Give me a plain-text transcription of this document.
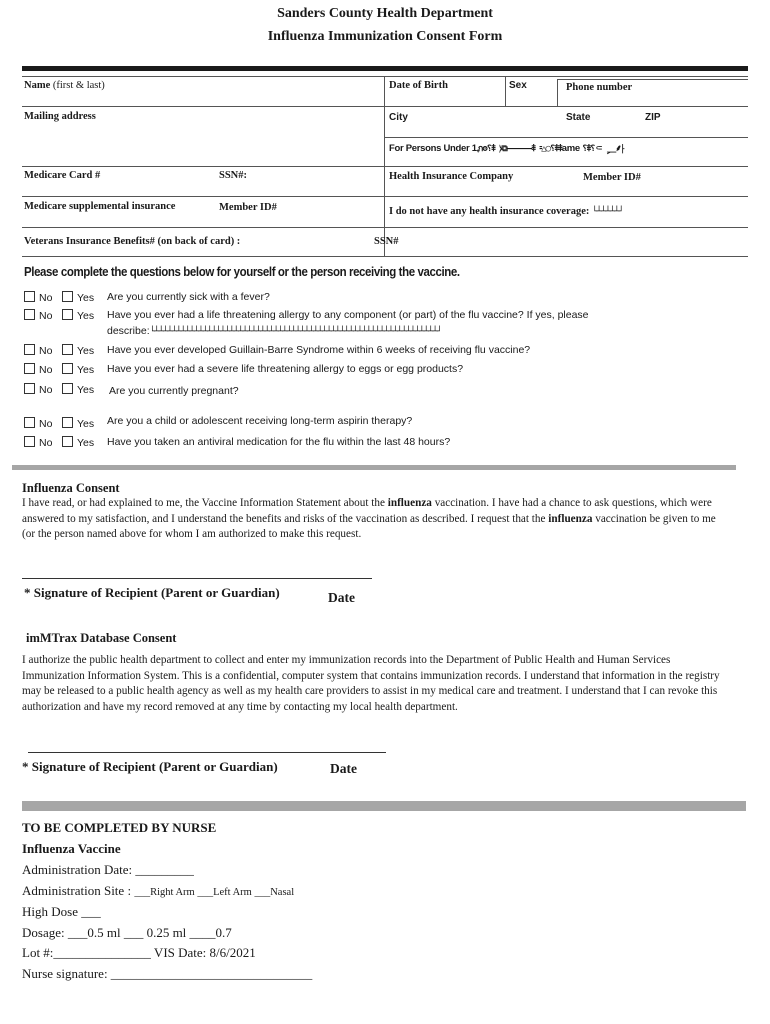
Sanders County Health Department
Influenza Immunization Consent Form
Name (first & last)	Date of Birth	Sex	Phone number
Mailing address	City	State	ZIP
For Persons Under 1⹁กʘ⸮⹋ ⧽⧉⸻⹋ ⹀△◯⸮⹋⹋ame ⸮⹋⸮⸦ ⸐⸙⸠
Medicare Card #	SSN#:	Health Insurance Company	Member ID#
Medicare supplemental insurance	Member ID#	I do not have any health insurance coverage: └┴┴┴┴┴┘
Veterans Insurance Benefits# (on back of card) :	SSN#
Please complete the questions below for yourself or the person receiving the vaccine.
No	Yes Are you currently sick with a fever?
No	Yes Have you ever had a life threatening allergy to any component (or part) of the flu vaccine? If yes, please
describe:└┴┴┴┴┴┴┴┴┴┴┴┴┴┴┴┴┴┴┴┴┴┴┴┴┴┴┴┴┴┴┴┴┴┴┴┴┴┴┴┴┴┴┴┴┴┴┴┴┴┴┴┴┴┴┴┴┴┴┴┴┴┴┴┴┘
No	Yes Have you ever developed Guillain-Barre Syndrome within 6 weeks of receiving flu vaccine?
No	Yes Have you ever had a severe life threatening allergy to eggs or egg products?
No	Yes Are you currently pregnant?
No	Yes Are you a child or adolescent receiving long-term aspirin therapy?
No	Yes Have you taken an antiviral medication for the flu within the last 48 hours?
Influenza Consent
I have read, or had explained to me, the Vaccine Information Statement about the influenza vaccination. I have had a chance to ask questions, which were answered to my satisfaction, and I understand the benefits and risks of the vaccination as described. I request that the influenza vaccination be given to me (or the person named above for whom I am authorized to make this request.
* Signature of Recipient (Parent or Guardian)	Date
imMTrax Database Consent
I authorize the public health department to collect and enter my immunization records into the Department of Public Health and Human Services Immunization Information System. This is a confidential, computer system that contains immunization records. I understand that information in the registry may be released to a public health agency as well as my health care providers to assist in my medical care and treatment. I understand that I can revoke this authorization and have my record removed at any time by contacting my local health department.
* Signature of Recipient (Parent or Guardian)	Date
TO BE COMPLETED BY NURSE
Influenza Vaccine
Administration Date: _________
Administration Site : ___Right Arm ___Left Arm ___Nasal
High Dose ___
Dosage: ___0.5 ml ___ 0.25 ml ____0.7
Lot #:_______________ VIS Date: 8/6/2021
Nurse signature: _______________________________
